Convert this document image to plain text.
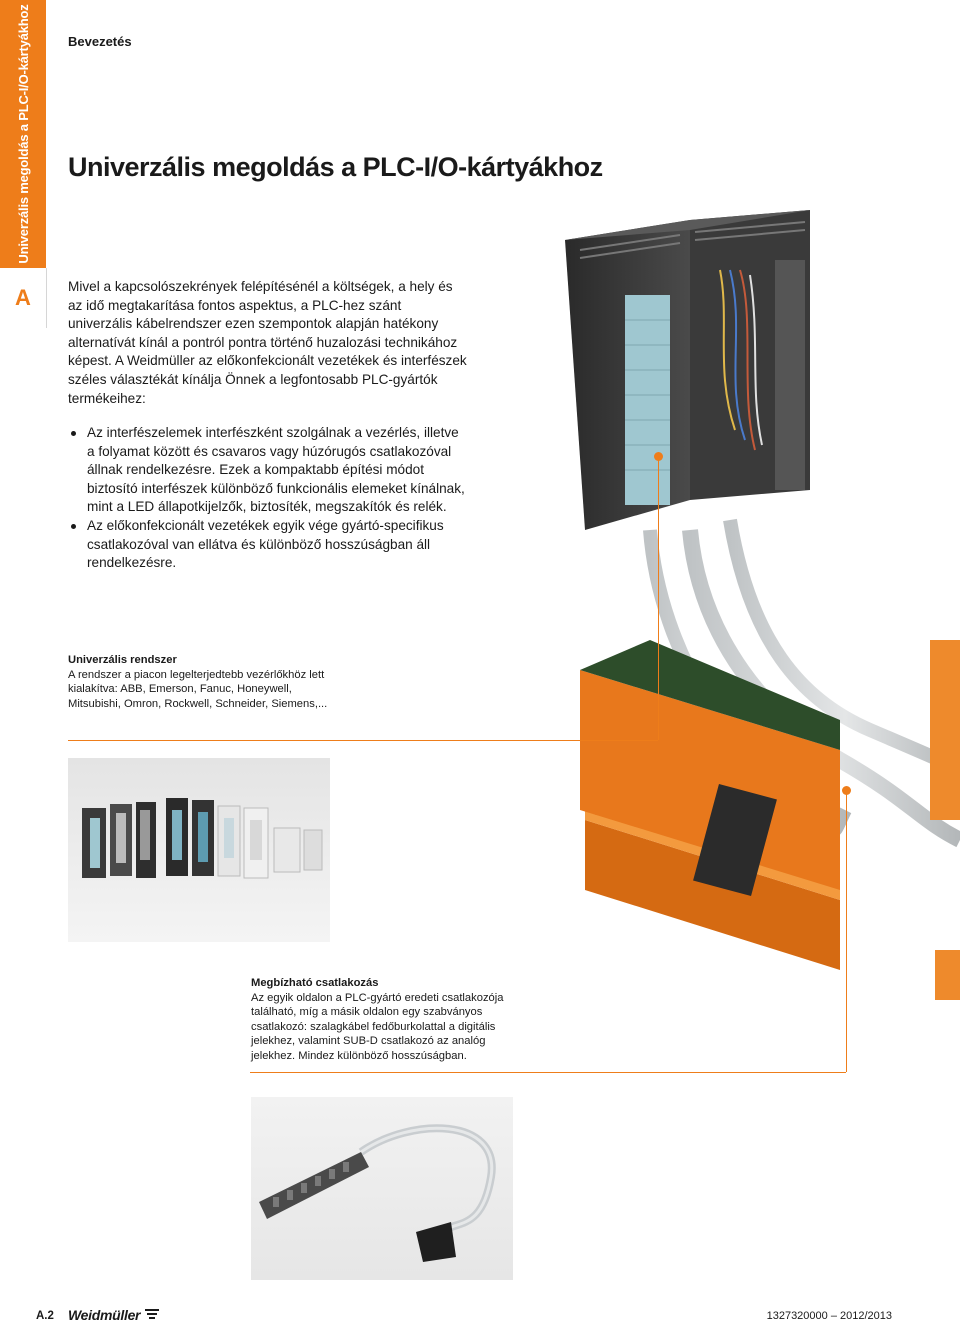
Univerzális megoldás a PLC-I/O-kártyákhoz
A
Bevezetés
Univerzális megoldás a PLC-I/O-kártyákhoz

Mivel a kapcsolószekrények felépítésénél a költségek, a hely és az idő megtakarítása fontos aspektus, a PLC-hez szánt univerzális kábelrendszer ezen szempontok alapján hatékony alternatívát kínál a pontról pontra történő huzalozási technikához képest. A Weidmüller az előkonfekcionált vezetékek és interfészek széles választékát kínálja Önnek a legfontosabb PLC-gyártók termékeihez:

Az interfészelemek interfészként szolgálnak a vezérlés, illetve a folyamat között és csavaros vagy húzórugós csatlakozóval állnak rendelkezésre. Ezek a kompaktabb építési módot biztosító interfészek különböző funkcionális elemeket kínálnak, mint a LED állapotkijelzők, biztosíték, megszakítók és relék.
Az előkonfekcionált vezetékek egyik vége gyártó-specifikus csatlakozóval van ellátva és különböző hosszúságban áll rendelkezésre.
Univerzális rendszer
A rendszer a piacon legelterjedtebb vezérlőkhöz lett kialakítva: ABB, Emerson, Fanuc, Honeywell, Mitsubishi, Omron, Rockwell, Schneider, Siemens,...
Megbízható csatlakozás
Az egyik oldalon a PLC-gyártó eredeti csatlakozója található, míg a másik oldalon egy szabványos csatlakozó: szalagkábel fedőburkolattal a digitális jelekhez, valamint SUB-D csatlakozó az analóg jelekhez. Mindez különböző hosszúságban.
A.2 Weidmüller	1327320000 – 2012/2013
